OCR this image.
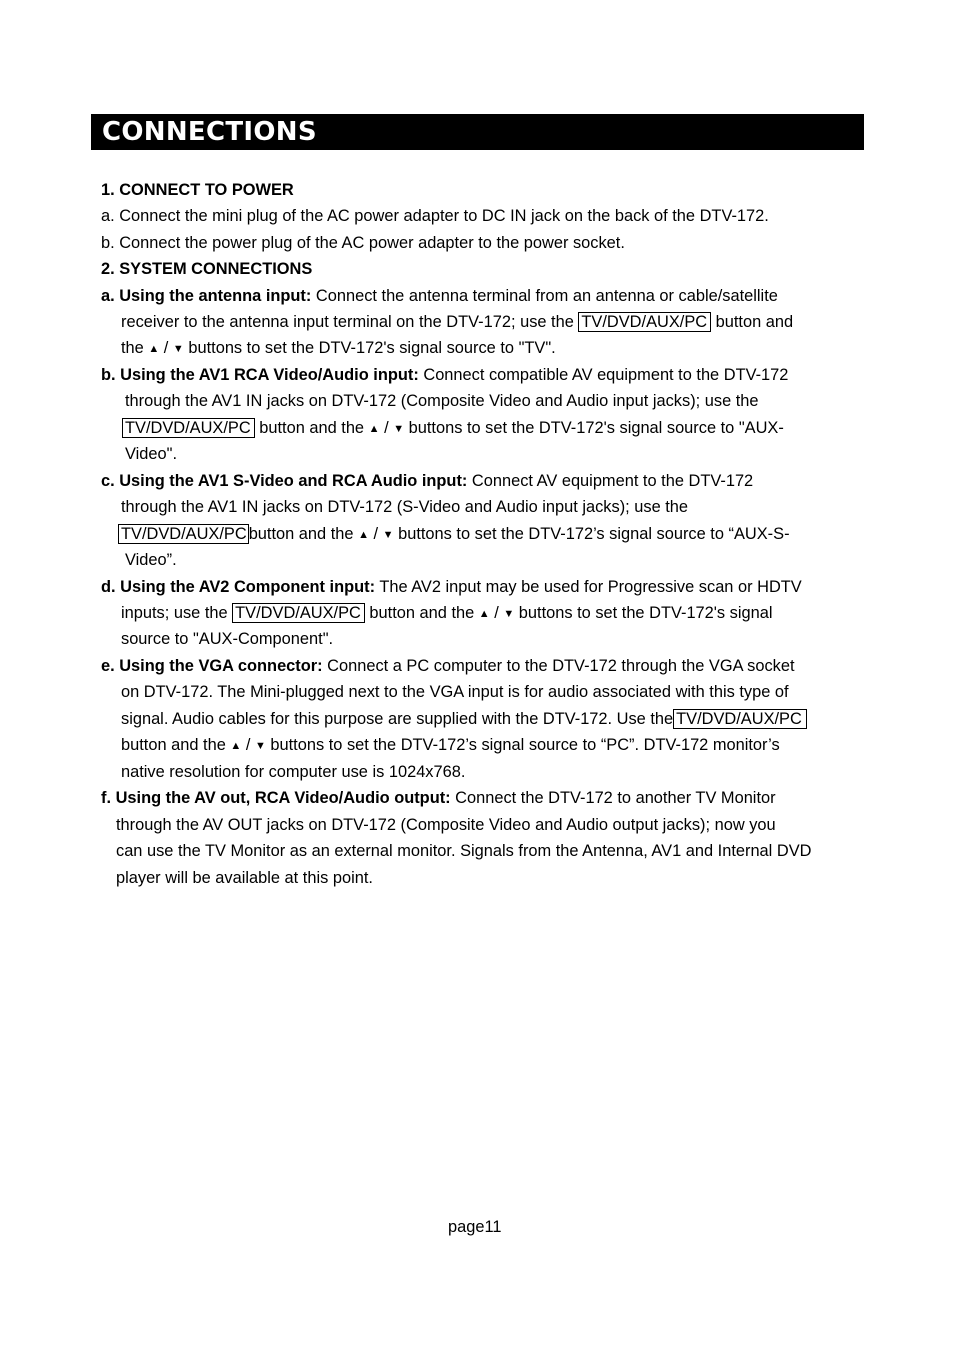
CONNECTIONS
1. CONNECT TO POWER
a. Connect the mini plug of the AC power adapter to DC IN jack on the back of the DTV-172.
b. Connect the power plug of the AC power adapter to the power socket.
2. SYSTEM CONNECTIONS
a. Using the antenna input: Connect the antenna terminal from an antenna or cable/satellite
receiver to the antenna input terminal on the DTV-172; use the TV/DVD/AUX/PC button and
the ▲ / ▼ buttons to set the DTV-172's signal source to "TV".
b. Using the AV1 RCA Video/Audio input: Connect compatible AV equipment to the DTV-172
through the AV1 IN jacks on DTV-172 (Composite Video and Audio input jacks); use the
TV/DVD/AUX/PC button and the ▲ / ▼ buttons to set the DTV-172's signal source to "AUX-
Video".
c. Using the AV1 S-Video and RCA Audio input: Connect AV equipment to the DTV-172
through the AV1 IN jacks on DTV-172 (S-Video and Audio input jacks); use the
TV/DVD/AUX/PC button and the ▲ / ▼ buttons to set the DTV-172’s signal source to “AUX-S-
Video”.
d. Using the AV2 Component input: The AV2 input may be used for Progressive scan or HDTV
inputs; use the TV/DVD/AUX/PC button and the ▲ / ▼ buttons to set the DTV-172's signal
source to "AUX-Component".
e. Using the VGA connector: Connect a PC computer to the DTV-172 through the VGA socket
on DTV-172. The Mini-plugged next to the VGA input is for audio associated with this type of
signal. Audio cables for this purpose are supplied with the DTV-172. Use the TV/DVD/AUX/PC
button and the ▲ / ▼ buttons to set the DTV-172’s signal source to “PC”. DTV-172 monitor’s
native resolution for computer use is 1024x768.
f. Using the AV out, RCA Video/Audio output: Connect the DTV-172 to another TV Monitor
through the AV OUT jacks on DTV-172 (Composite Video and Audio output jacks); now you
can use the TV Monitor as an external monitor. Signals from the Antenna, AV1 and Internal DVD
player will be available at this point.
page11
